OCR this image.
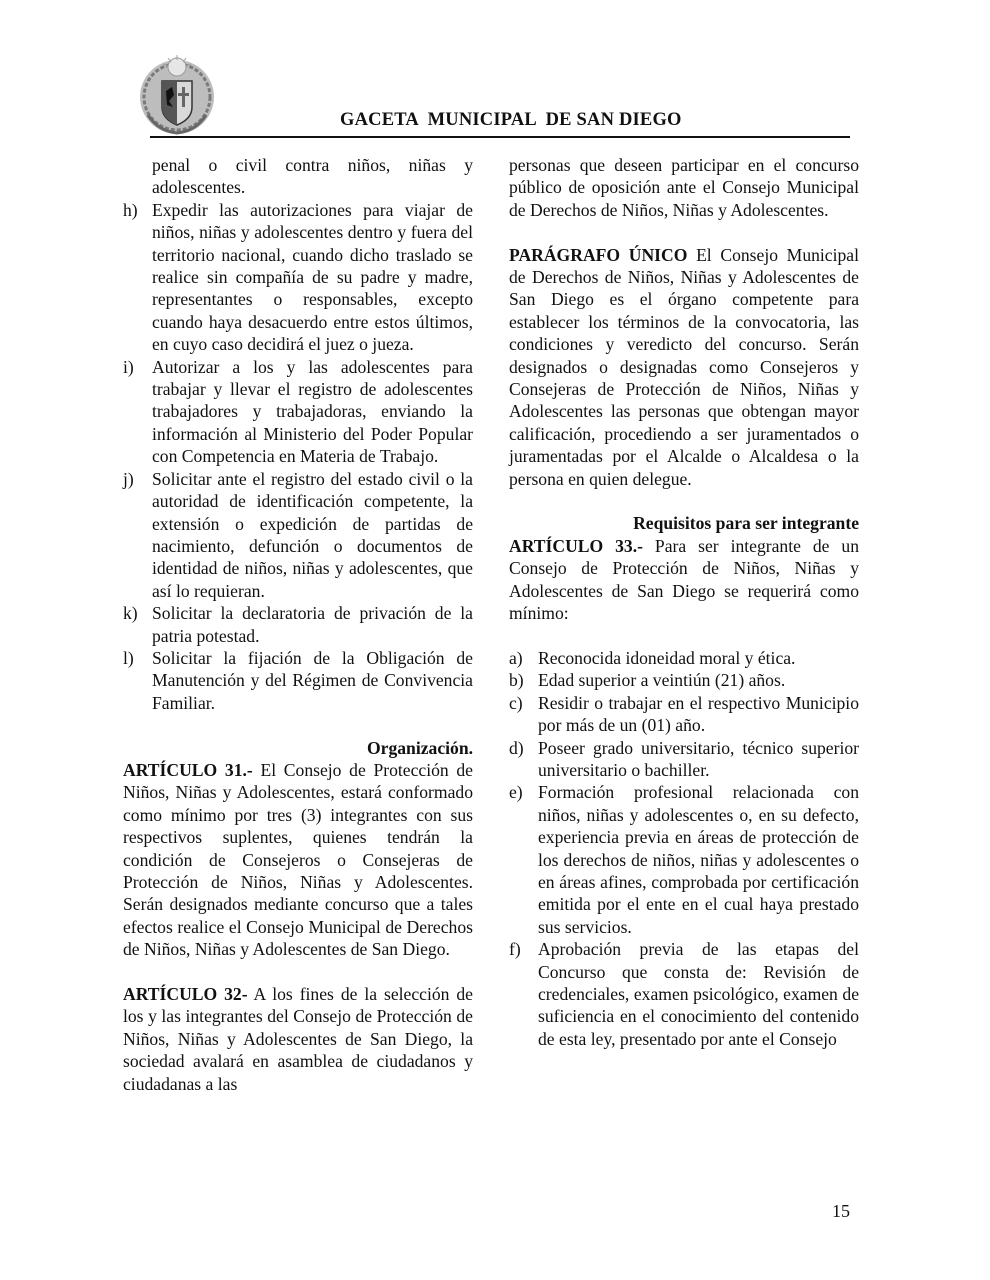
GACETA  MUNICIPAL  DE SAN DIEGO

penal o civil contra niños, niñas y adolescentes.

h) Expedir las autorizaciones para viajar de niños, niñas y adolescentes dentro y fuera del territorio nacional, cuando dicho traslado se realice sin compañía de su padre y madre, representantes o responsables, excepto cuando haya desacuerdo entre estos últimos, en cuyo caso decidirá el juez o jueza.
i) Autorizar a los y las adolescentes para trabajar y llevar el registro de adolescentes trabajadores y trabajadoras, enviando la información al Ministerio del Poder Popular con Competencia en Materia de Trabajo.
j) Solicitar ante el registro del estado civil o la autoridad de identificación competente, la extensión o expedición de partidas de nacimiento, defunción o documentos de identidad de niños, niñas y adolescentes, que así lo requieran.
k) Solicitar la declaratoria de privación de la patria potestad.
l) Solicitar la fijación de la Obligación de Manutención y del Régimen de Convivencia Familiar.
Organización.

ARTÍCULO 31.- El Consejo de Protección de Niños, Niñas y Adolescentes, estará conformado como mínimo por tres (3) integrantes con sus respectivos suplentes, quienes tendrán la condición de Consejeros o Consejeras de Protección de Niños, Niñas y Adolescentes. Serán designados mediante concurso que a tales efectos realice el Consejo Municipal de Derechos de Niños, Niñas y Adolescentes de San Diego.

ARTÍCULO 32- A los fines de la selección de los y las integrantes del Consejo de Protección de Niños, Niñas y Adolescentes de San Diego, la sociedad avalará en asamblea de ciudadanos y ciudadanas a las

personas que deseen participar en el concurso público de oposición ante el Consejo Municipal de Derechos de Niños, Niñas y Adolescentes.

PARÁGRAFO ÚNICO El Consejo Municipal de Derechos de Niños, Niñas y Adolescentes de San Diego es el órgano competente para establecer los términos de la convocatoria, las condiciones y veredicto del concurso. Serán designados o designadas como Consejeros y Consejeras de Protección de Niños, Niñas y Adolescentes las personas que obtengan mayor calificación, procediendo a ser juramentados o juramentadas por el Alcalde o Alcaldesa o la persona en quien delegue.

Requisitos para ser integrante

ARTÍCULO 33.- Para ser integrante de un Consejo de Protección de Niños, Niñas y Adolescentes de San Diego se requerirá como mínimo:

a) Reconocida idoneidad moral y ética.
b) Edad superior a veintiún (21) años.
c) Residir o trabajar en el respectivo Municipio por más de un (01) año.
d) Poseer grado universitario, técnico superior universitario o bachiller.
e) Formación profesional relacionada con niños, niñas y adolescentes o, en su defecto, experiencia previa en áreas de protección de los derechos de niños, niñas y adolescentes o en áreas afines, comprobada por certificación emitida por el ente en el cual haya prestado sus servicios.
f) Aprobación previa de las etapas del Concurso que consta de: Revisión de credenciales, examen psicológico, examen de suficiencia en el conocimiento del contenido de esta ley, presentado por ante el Consejo
15
